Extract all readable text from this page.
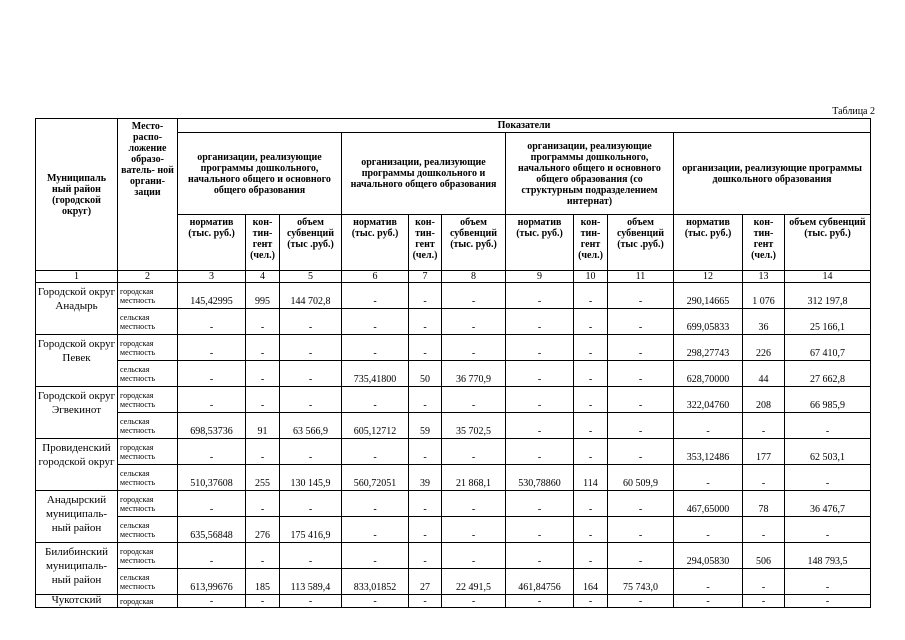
Таблица 2
Муниципаль ный район (городской округ)	Место- распо- ложение образо- ватель- ной органи- зации	Показатели											
		организации, реализующие программы дошкольного, начального общего и основного общего образования			организации, реализующие программы дошкольного и начального общего образования			организации, реализующие программы дошкольного, начального общего и основного общего образования (со структурным подразделением интернат)			организации, реализующие программы дошкольного образования		
		норматив (тыс. руб.)	кон- тин- гент (чел.)	объем субвенций (тыс .руб.)	норматив (тыс. руб.)	кон- тин- гент (чел.)	объем субвенций (тыс. руб.)	норматив (тыс. руб.)	кон- тин- гент (чел.)	объем субвенций (тыс .руб.)	норматив (тыс. руб.)	кон- тин- гент (чел.)	объем субвенций (тыс. руб.)
1	2	3	4	5	6	7	8	9	10	11	12	13	14
Городской округ Анадырь	городская местность	145,42995	995	144 702,8	-	-	-	-	-	-	290,14665	1 076	312 197,8
	сельская местность	-	-	-	-	-	-	-	-	-	699,05833	36	25 166,1
Городской округ Певек	городская местность	-	-	-	-	-	-	-	-	-	298,27743	226	67 410,7
	сельская местность	-	-	-	735,41800	50	36 770,9	-	-	-	628,70000	44	27 662,8
Городской округ Эгвекинот	городская местность	-	-	-	-	-	-	-	-	-	322,04760	208	66 985,9
	сельская местность	698,53736	91	63 566,9	605,12712	59	35 702,5	-	-	-	-	-	-
Провиденский городской округ	городская местность	-	-	-	-	-	-	-	-	-	353,12486	177	62 503,1
	сельская местность	510,37608	255	130 145,9	560,72051	39	21 868,1	530,78860	114	60 509,9	-	-	-
Анадырский муниципаль- ный район	городская местность	-	-	-	-	-	-	-	-	-	467,65000	78	36 476,7
	сельская местность	635,56848	276	175 416,9	-	-	-	-	-	-	-	-	-
Билибинский муниципаль- ный район	городская местность	-	-	-	-	-	-	-	-	-	294,05830	506	148 793,5
	сельская местность	613,99676	185	113 589,4	833,01852	27	22 491,5	461,84756	164	75 743,0	-	-	-
Чукотский	городская	-	-	-	-	-	-	-	-	-	-	-	-
